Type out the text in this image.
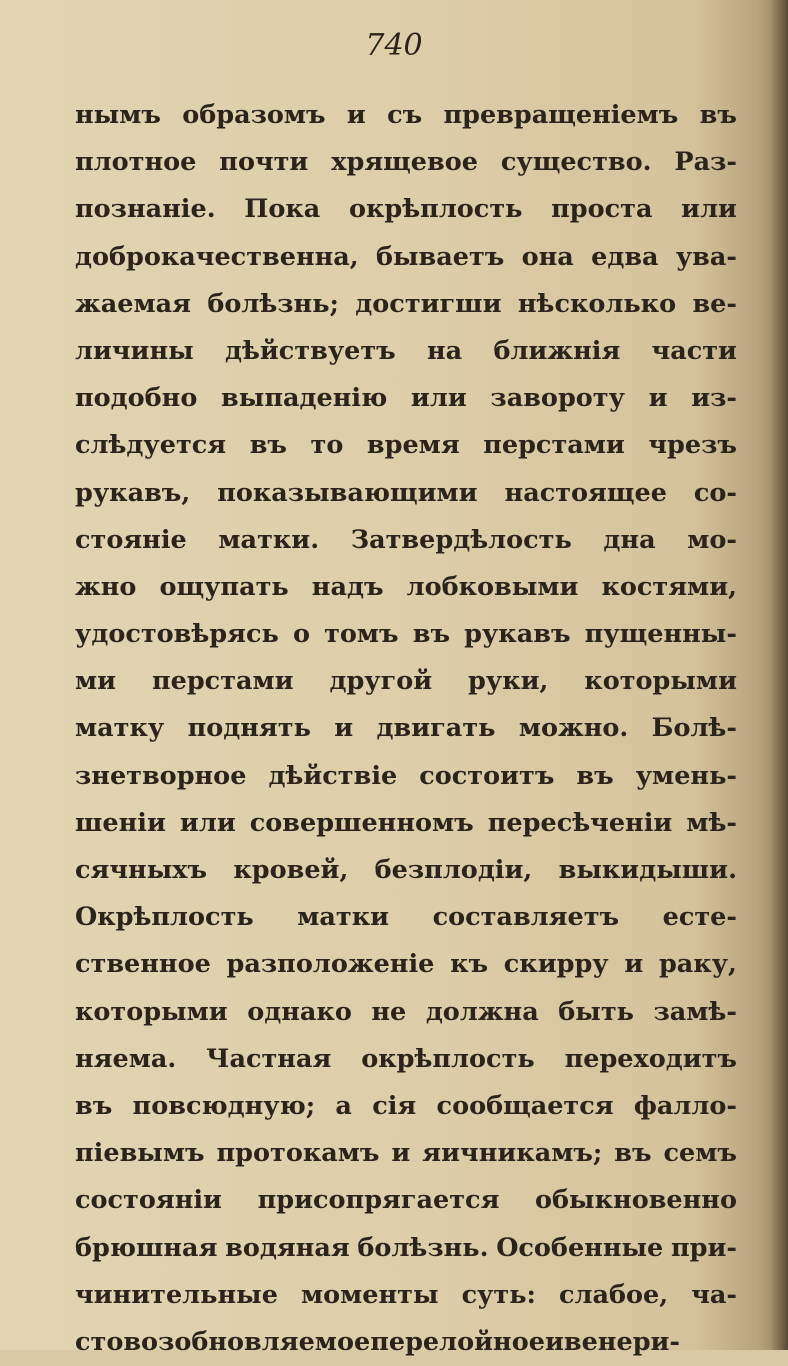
740
нымъ образомъ и съ превращенiемъ въ
плотное почти хрящевое существо. Раз-
познанiе. Пока окрѣплость проста или
доброкачественна, бываетъ она едва ува-
жаемая болѣзнь; достигши нѣсколько ве-
личины дѣйствуетъ на ближнiя части
подобно выпаденiю или завороту и из-
слѣдуется въ то время перстами чрезъ
рукавъ, показывающими настоящее со-
стоянiе матки. Затвердѣлость дна мо-
жно ощупать надъ лобковыми костями,
удостовѣрясь о томъ въ рукавъ пущенны-
ми перстами другой руки, которыми
матку поднять и двигать можно. Болѣ-
знетворное дѣйствiе состоитъ въ умень-
шенiи или совершенномъ пересѣченiи мѣ-
сячныхъ кровей, безплодiи, выкидыши.
Окрѣплость матки составляетъ есте-
ственное разположенiе къ скирру и раку,
которыми однако не должна быть замѣ-
няема. Частная окрѣплость переходитъ
въ повсюдную; а сiя сообщается фалло-
пiевымъ протокамъ и яичникамъ; въ семъ
состоянiи присопрягается обыкновенно
брюшная водяная болѣзнь. Особенные при-
чинительные моменты суть: слабое, ча-
сто возобновляемое перелойное и венери-
